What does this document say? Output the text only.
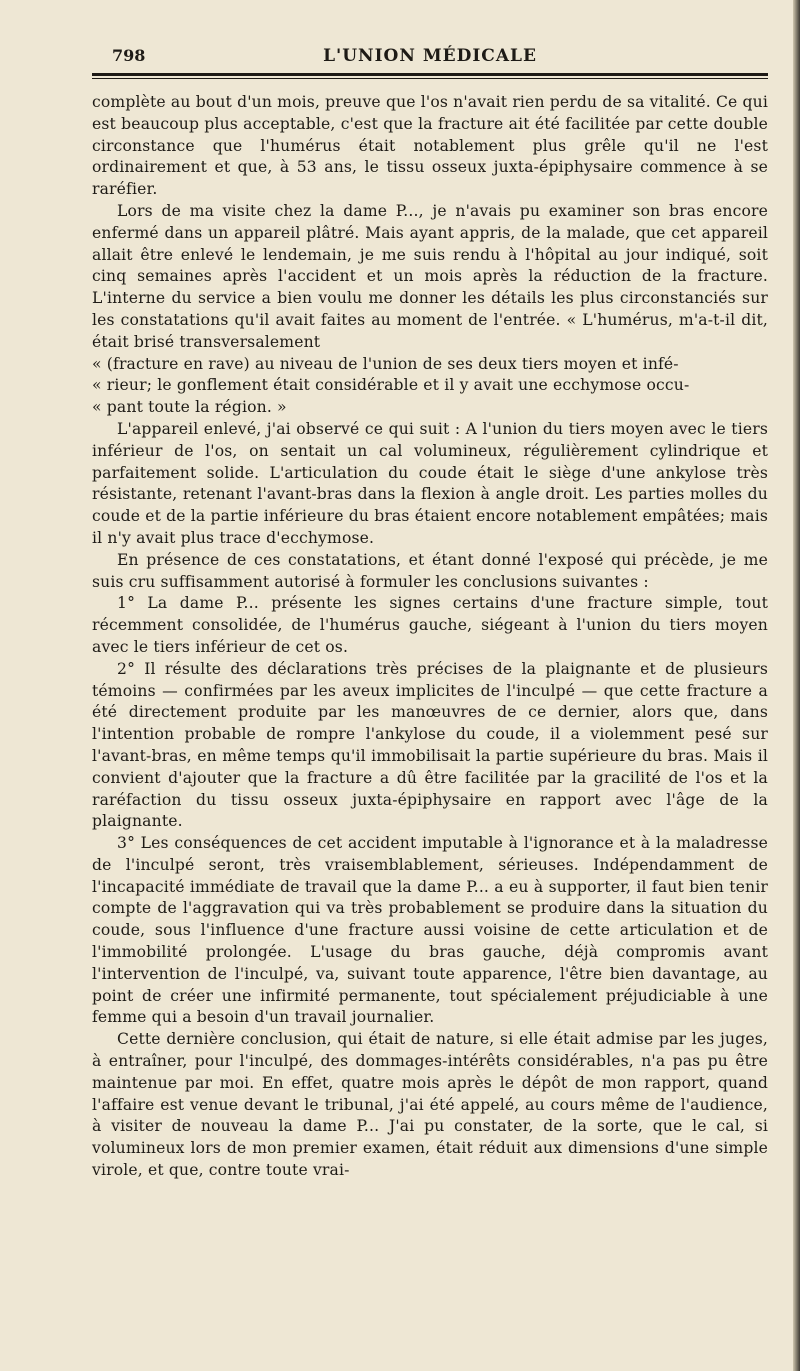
798	L'UNION MÉDICALE

complète au bout d'un mois, preuve que l'os n'avait rien perdu de sa vitalité. Ce qui est beaucoup plus acceptable, c'est que la fracture ait été facilitée par cette double circonstance que l'humérus était notablement plus grêle qu'il ne l'est ordinairement et que, à 53 ans, le tissu osseux juxta-épiphysaire commence à se raréfier.

Lors de ma visite chez la dame P..., je n'avais pu examiner son bras encore enfermé dans un appareil plâtré. Mais ayant appris, de la malade, que cet appareil allait être enlevé le lendemain, je me suis rendu à l'hôpital au jour indiqué, soit cinq semaines après l'accident et un mois après la réduction de la fracture. L'interne du service a bien voulu me donner les détails les plus circonstanciés sur les constatations qu'il avait faites au moment de l'entrée. « L'humérus, m'a-t-il dit, était brisé transversalement

« (fracture en rave) au niveau de l'union de ses deux tiers moyen et infé-

« rieur; le gonflement était considérable et il y avait une ecchymose occu-

« pant toute la région. »

L'appareil enlevé, j'ai observé ce qui suit : A l'union du tiers moyen avec le tiers inférieur de l'os, on sentait un cal volumineux, régulièrement cylindrique et parfaitement solide. L'articulation du coude était le siège d'une ankylose très résistante, retenant l'avant-bras dans la flexion à angle droit. Les parties molles du coude et de la partie inférieure du bras étaient encore notablement empâtées; mais il n'y avait plus trace d'ecchymose.

En présence de ces constatations, et étant donné l'exposé qui précède, je me suis cru suffisamment autorisé à formuler les conclusions suivantes :

1° La dame P... présente les signes certains d'une fracture simple, tout récemment consolidée, de l'humérus gauche, siégeant à l'union du tiers moyen avec le tiers inférieur de cet os.

2° Il résulte des déclarations très précises de la plaignante et de plusieurs témoins — confirmées par les aveux implicites de l'inculpé — que cette fracture a été directement produite par les manœuvres de ce dernier, alors que, dans l'intention probable de rompre l'ankylose du coude, il a violemment pesé sur l'avant-bras, en même temps qu'il immobilisait la partie supérieure du bras. Mais il convient d'ajouter que la fracture a dû être facilitée par la gracilité de l'os et la raréfaction du tissu osseux juxta-épiphysaire en rapport avec l'âge de la plaignante.

3° Les conséquences de cet accident imputable à l'ignorance et à la maladresse de l'inculpé seront, très vraisemblablement, sérieuses. Indépendamment de l'incapacité immédiate de travail que la dame P... a eu à supporter, il faut bien tenir compte de l'aggravation qui va très probablement se produire dans la situation du coude, sous l'influence d'une fracture aussi voisine de cette articulation et de l'immobilité prolongée. L'usage du bras gauche, déjà compromis avant l'intervention de l'inculpé, va, suivant toute apparence, l'être bien davantage, au point de créer une infirmité permanente, tout spécialement préjudiciable à une femme qui a besoin d'un travail journalier.

Cette dernière conclusion, qui était de nature, si elle était admise par les juges, à entraîner, pour l'inculpé, des dommages-intérêts considérables, n'a pas pu être maintenue par moi. En effet, quatre mois après le dépôt de mon rapport, quand l'affaire est venue devant le tribunal, j'ai été appelé, au cours même de l'audience, à visiter de nouveau la dame P... J'ai pu constater, de la sorte, que le cal, si volumineux lors de mon premier examen, était réduit aux dimensions d'une simple virole, et que, contre toute vrai-
